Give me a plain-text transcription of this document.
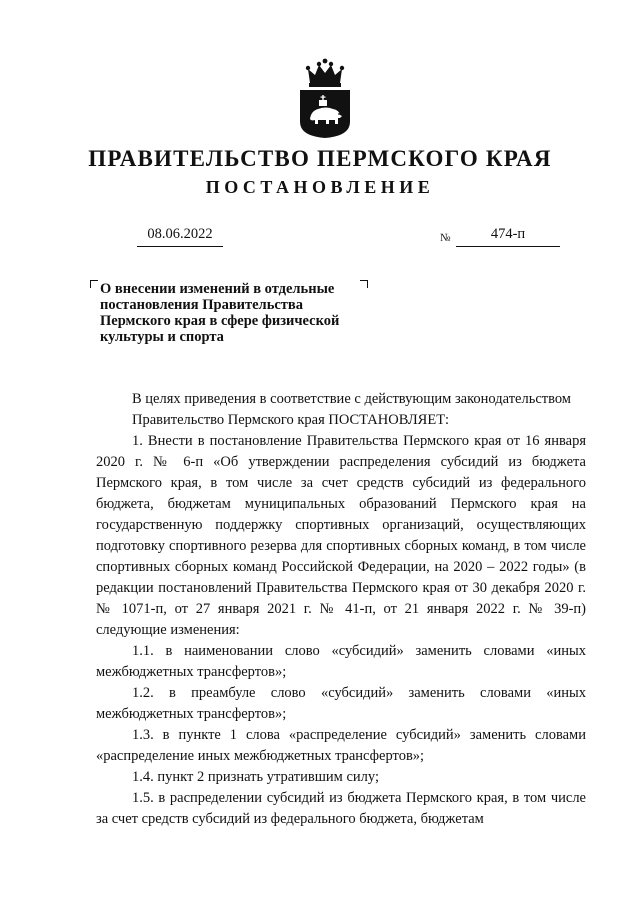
ПРАВИТЕЛЬСТВО ПЕРМСКОГО КРАЯ
ПОСТАНОВЛЕНИЕ
08.06.2022	№	474-п
О внесении изменений в отдельные постановления Правительства Пермского края в сфере физической культуры и спорта

В целях приведения в соответствие с действующим законодательством

Правительство Пермского края ПОСТАНОВЛЯЕТ:

1. Внести в постановление Правительства Пермского края от 16 января 2020 г. № 6-п «Об утверждении распределения субсидий из бюджета Пермского края, в том числе за счет средств субсидий из федерального бюджета, бюджетам муниципальных образований Пермского края на государственную поддержку спортивных организаций, осуществляющих подготовку спортивного резерва для спортивных сборных команд, в том числе спортивных сборных команд Российской Федерации, на 2020 – 2022 годы» (в редакции постановлений Правительства Пермского края от 30 декабря 2020 г. № 1071-п, от 27 января 2021 г. № 41-п, от 21 января 2022 г. № 39-п) следующие изменения:

1.1. в наименовании слово «субсидий» заменить словами «иных межбюджетных трансфертов»;

1.2. в преамбуле слово «субсидий» заменить словами «иных межбюджетных трансфертов»;

1.3. в пункте 1 слова «распределение субсидий» заменить словами «распределение иных межбюджетных трансфертов»;

1.4. пункт 2 признать утратившим силу;

1.5. в распределении субсидий из бюджета Пермского края, в том числе за счет средств субсидий из федерального бюджета, бюджетам
